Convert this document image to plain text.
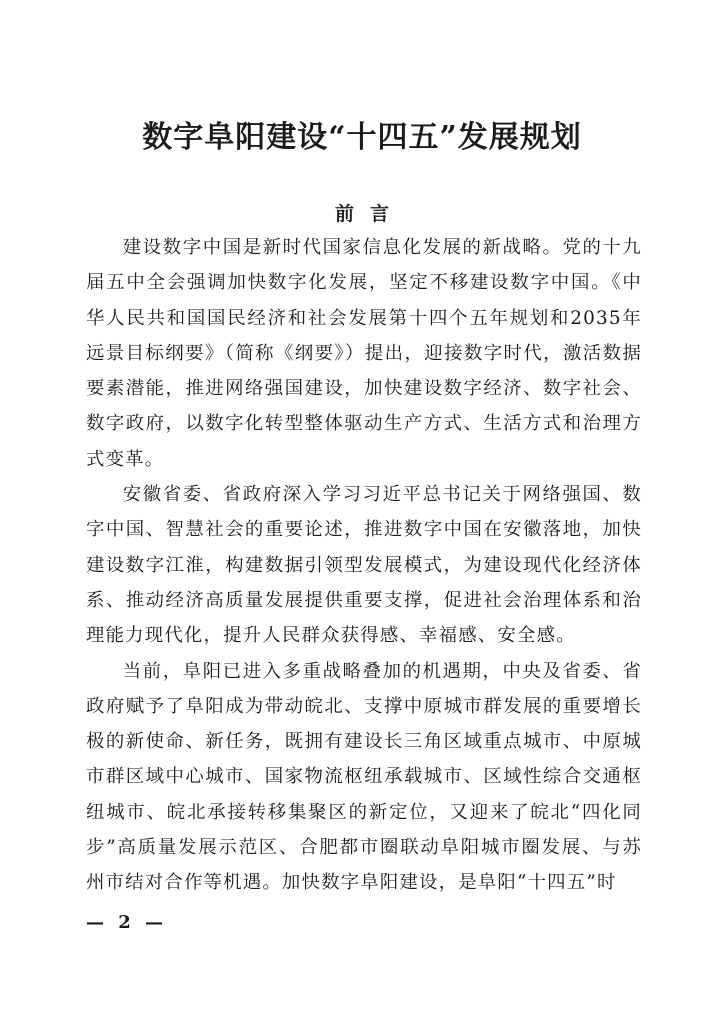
数字阜阳建设“十四五”发展规划
前言

建设数字中国是新时代国家信息化发展的新战略。党的十九届五中全会强调加快数字化发展，坚定不移建设数字中国。《中华人民共和国国民经济和社会发展第十四个五年规划和2035年远景目标纲要》（简称《纲要》）提出，迎接数字时代，激活数据要素潜能，推进网络强国建设，加快建设数字经济、数字社会、数字政府，以数字化转型整体驱动生产方式、生活方式和治理方式变革。

安徽省委、省政府深入学习习近平总书记关于网络强国、数字中国、智慧社会的重要论述，推进数字中国在安徽落地，加快建设数字江淮，构建数据引领型发展模式，为建设现代化经济体系、推动经济高质量发展提供重要支撑，促进社会治理体系和治理能力现代化，提升人民群众获得感、幸福感、安全感。

当前，阜阳已进入多重战略叠加的机遇期，中央及省委、省政府赋予了阜阳成为带动皖北、支撑中原城市群发展的重要增长极的新使命、新任务，既拥有建设长三角区域重点城市、中原城市群区域中心城市、国家物流枢纽承载城市、区域性综合交通枢纽城市、皖北承接转移集聚区的新定位，又迎来了皖北“四化同步”高质量发展示范区、合肥都市圈联动阜阳城市圈发展、与苏州市结对合作等机遇。加快数字阜阳建设，是阜阳“十四五”时

— 2 —
